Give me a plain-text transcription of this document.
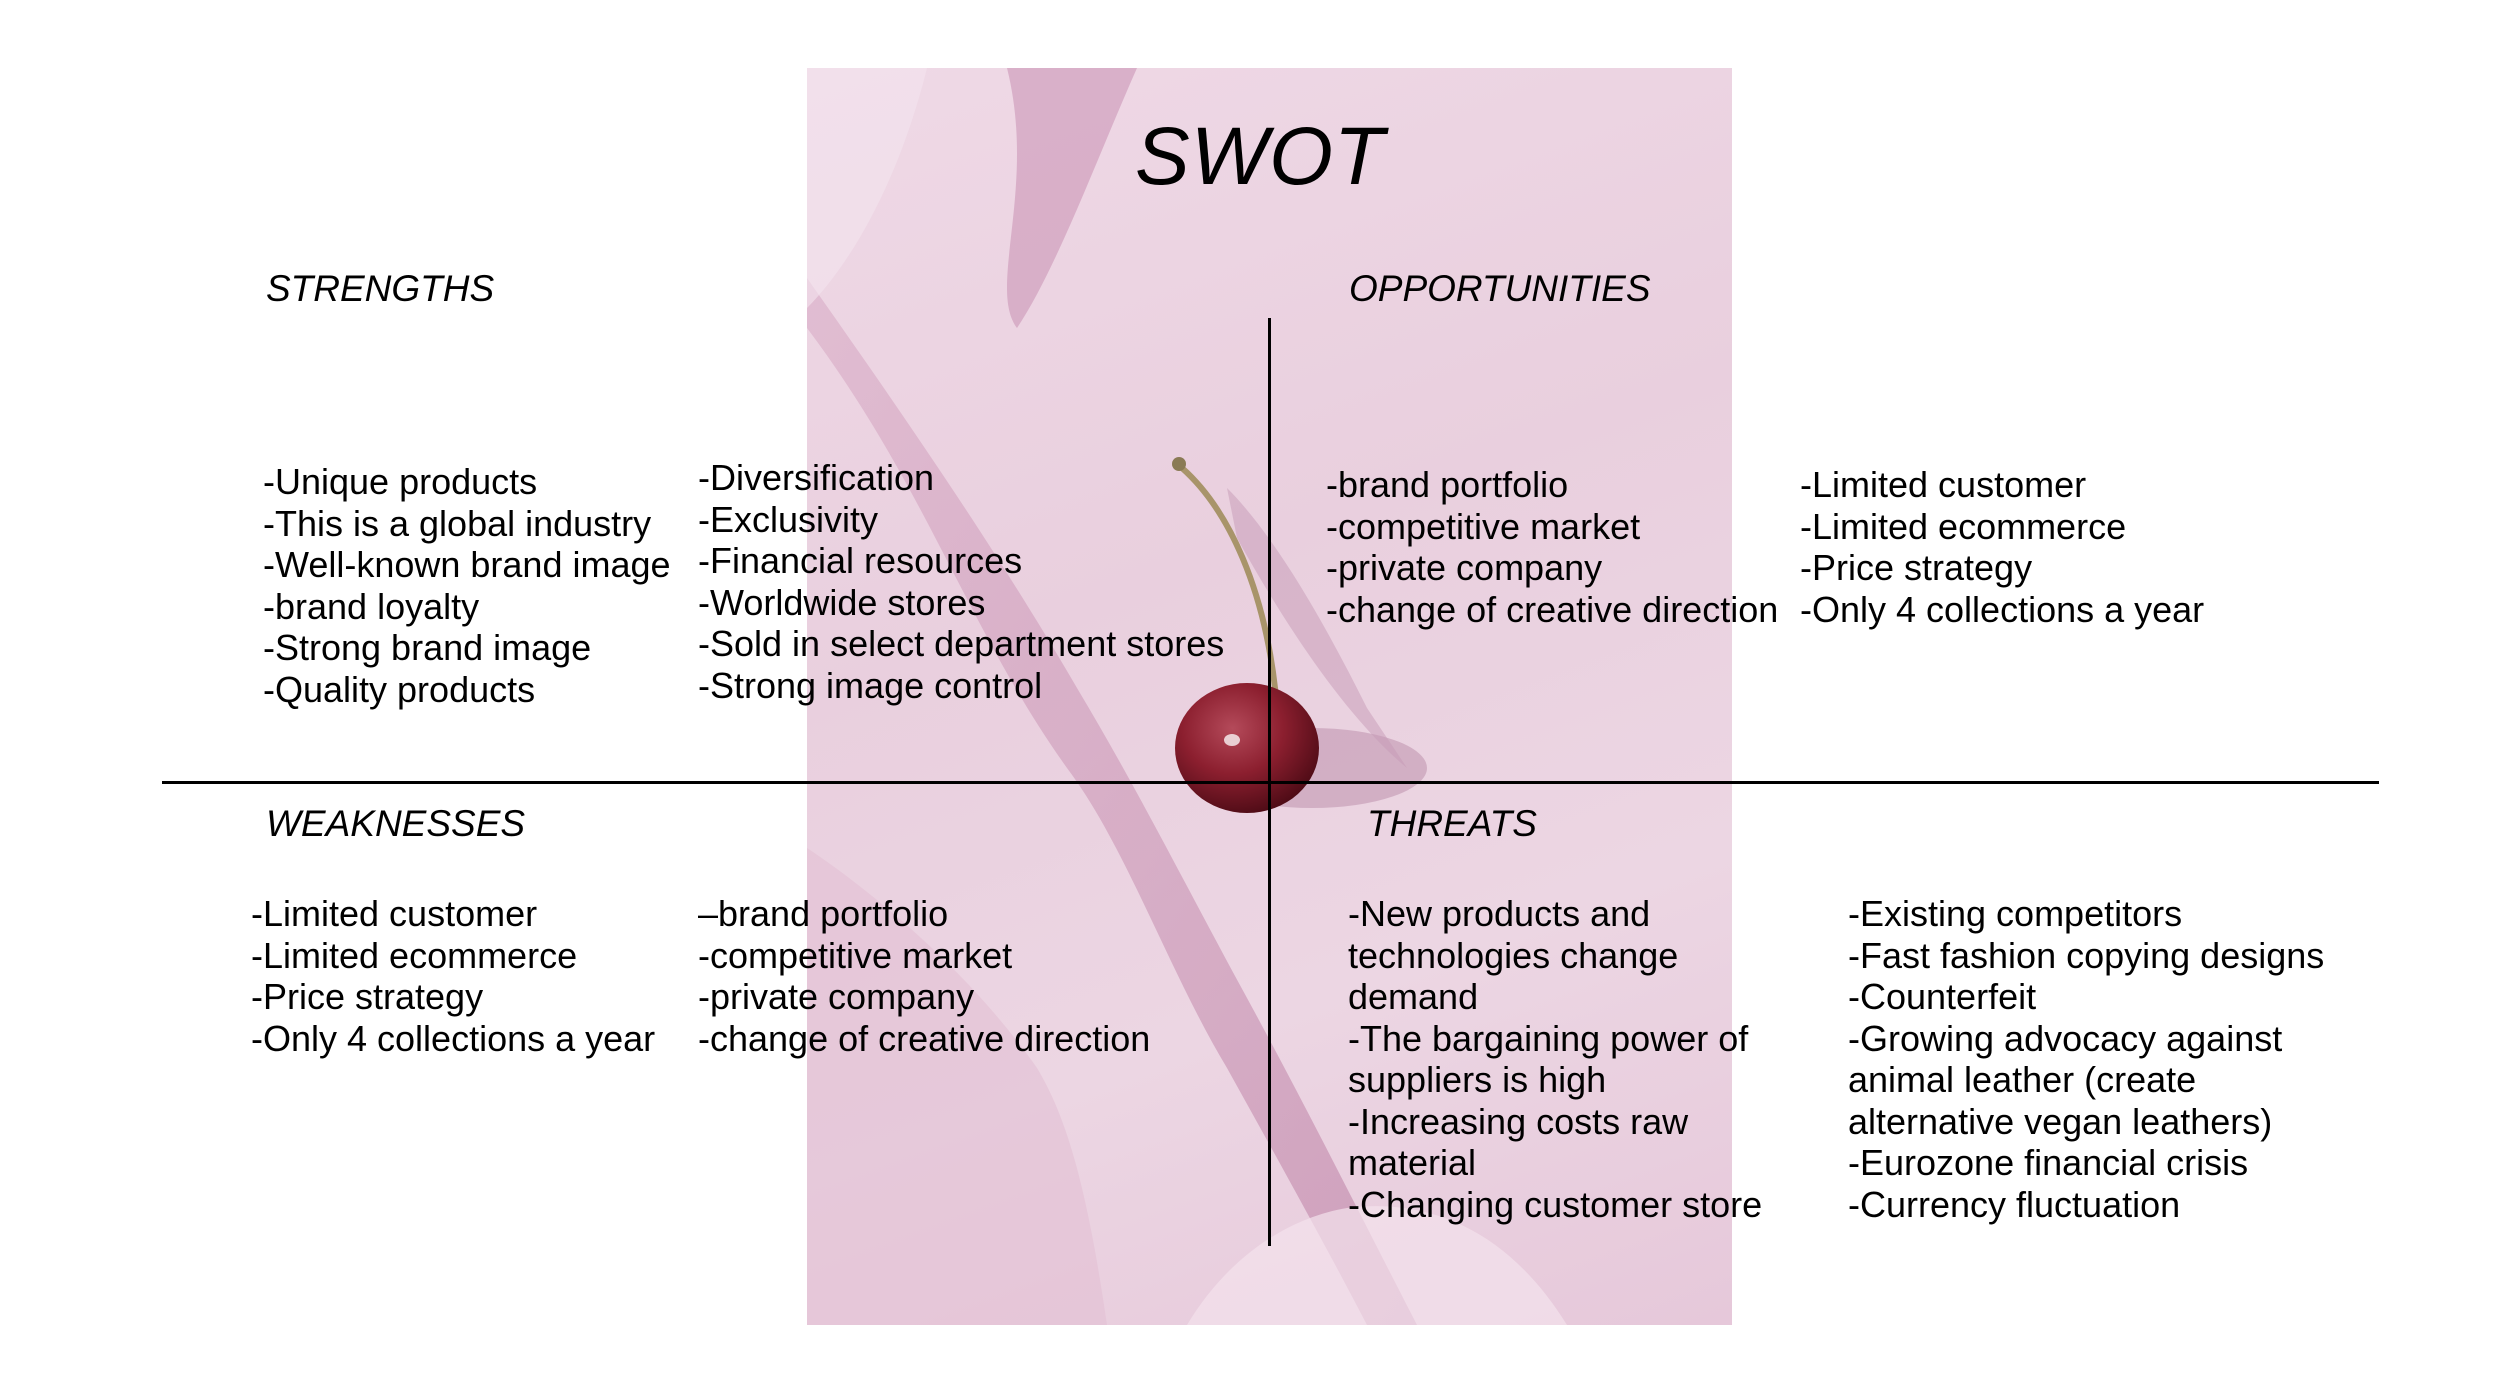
SWOT
STRENGTHS
-Unique products
-This is a global industry
-Well-known brand image
-brand loyalty
-Strong brand image
-Quality products
-Diversification
-Exclusivity
-Financial resources
-Worldwide stores
-Sold in select department stores
-Strong image control
OPPORTUNITIES
-brand portfolio
-competitive market
-private company
-change of creative direction
-Limited customer
-Limited ecommerce
-Price strategy
-Only 4 collections a year
WEAKNESSES
-Limited customer
-Limited ecommerce
-Price strategy
-Only 4 collections a year
–brand portfolio
-competitive market
-private company
-change of creative direction
THREATS
-New products and technologies change demand
-The bargaining power of suppliers is high
-Increasing costs raw material
-Changing customer store
-Existing competitors
-Fast fashion copying designs
-Counterfeit
-Growing advocacy against animal leather (create alternative vegan leathers)
-Eurozone financial crisis
-Currency fluctuation
